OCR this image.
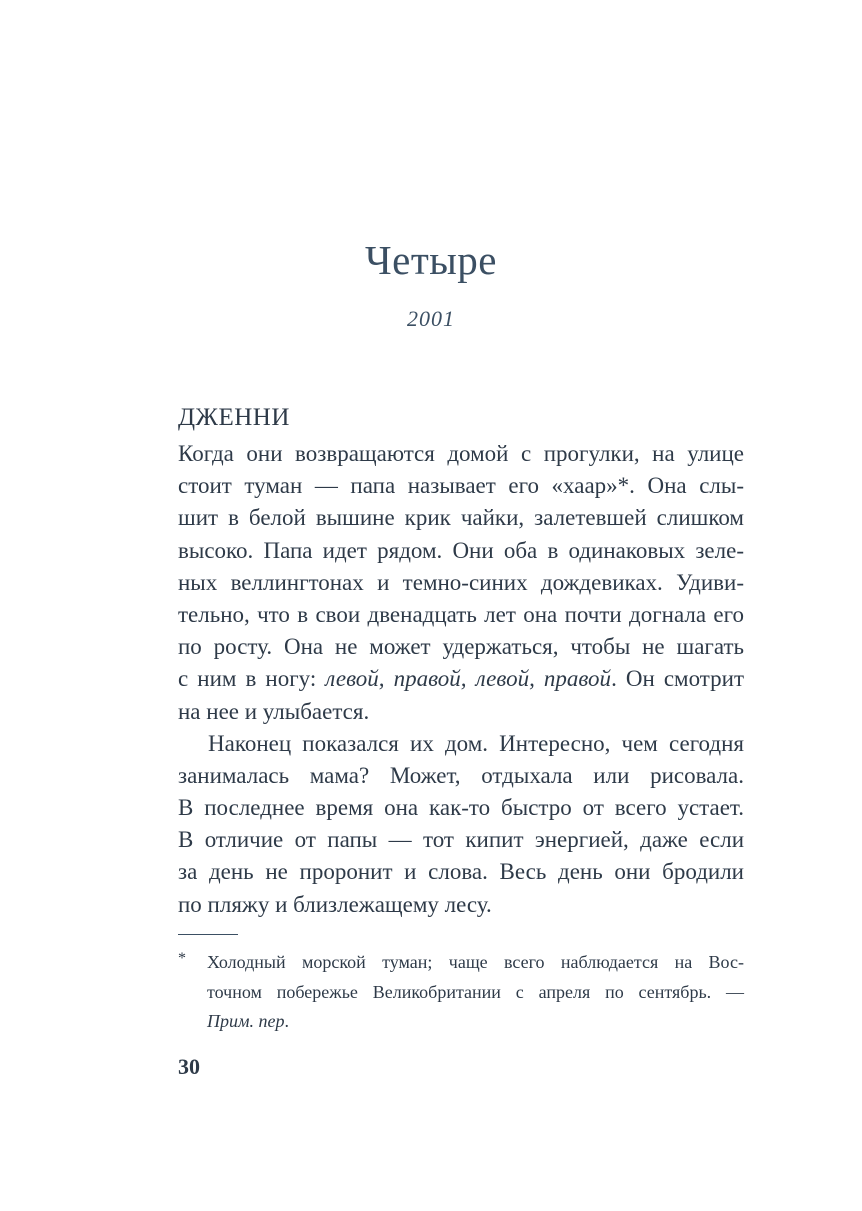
Четыре
2001
ДЖЕННИ
Когда они возвращаются домой с прогулки, на улице
стоит туман — папа называет его «хаар»*. Она слы-
шит в белой вышине крик чайки, залетевшей слишком
высоко. Папа идет рядом. Они оба в одинаковых зеле-
ных веллингтонах и темно-синих дождевиках. Удиви-
тельно, что в свои двенадцать лет она почти догнала его
по росту. Она не может удержаться, чтобы не шагать
с ним в ногу: левой, правой, левой, правой. Он смотрит
на нее и улыбается.
Наконец показался их дом. Интересно, чем сегодня
занималась мама? Может, отдыхала или рисовала.
В последнее время она как-то быстро от всего устает.
В отличие от папы — тот кипит энергией, даже если
за день не проронит и слова. Весь день они бродили
по пляжу и близлежащему лесу.
* Холодный морской туман; чаще всего наблюдается на Вос-
точном побережье Великобритании с апреля по сентябрь. —
Прим. пер.
30
